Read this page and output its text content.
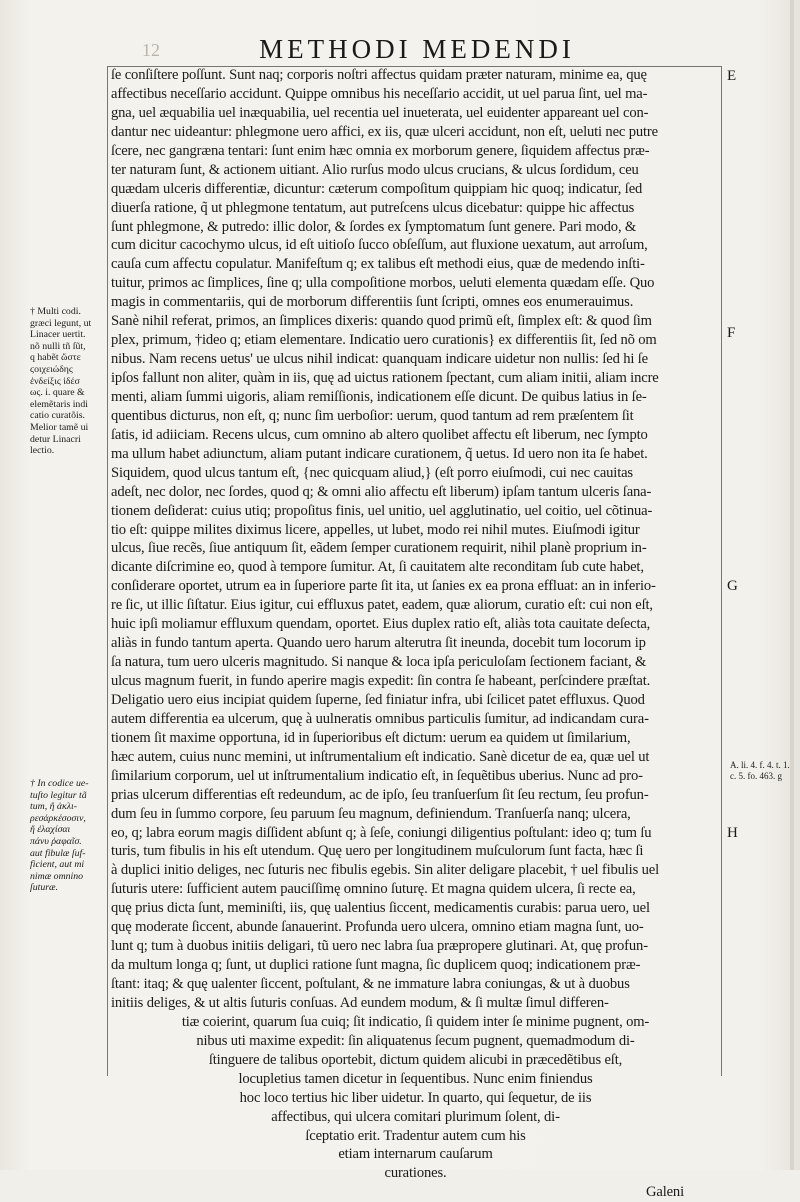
12	METHODI MEDENDI
ſe conſiſtere poſſunt. Sunt naq; corporis noſtri affectus quidam præter naturam, minime ea, quę
affectibus neceſſario accidunt. Quippe omnibus his neceſſario accidit, ut uel parua ſint, uel ma-
gna, uel æquabilia uel inæquabilia, uel recentia uel inueterata, uel euidenter appareant uel con-
dantur nec uideantur: phlegmone uero affici, ex iis, quæ ulceri accidunt, non eſt, ueluti nec putre
ſcere, nec gangræna tentari: ſunt enim hæc omnia ex morborum genere, ſiquidem affectus præ-
ter naturam ſunt, & actionem uitiant. Alio rurſus modo ulcus crucians, & ulcus ſordidum, ceu
quædam ulceris differentiæ, dicuntur: cæterum compoſitum quippiam hic quoq; indicatur, ſed
diuerſa ratione, q̃ ut phlegmone tentatum, aut putreſcens ulcus dicebatur: quippe hic affectus
ſunt phlegmone, & putredo: illic dolor, & ſordes ex ſymptomatum ſunt genere. Pari modo, &
cum dicitur cacochymo ulcus, id eſt uitioſo ſucco obſeſſum, aut fluxione uexatum, aut arroſum,
cauſa cum affectu copulatur. Manifeſtum q; ex talibus eſt methodi eius, quæ de medendo inſti-
tuitur, primos ac ſimplices, ſine q; ulla compoſitione morbos, ueluti elementa quædam eſſe. Quo
magis in commentariis, qui de morborum differentiis ſunt ſcripti, omnes eos enumerauimus.
Sanè nihil referat, primos, an ſimplices dixeris: quando quod primũ eſt, ſimplex eſt: & quod ſim
plex, primum, †ideo q; etiam elementare. Indicatio uero curationis} ex differentiis ſit, ſed nõ om
nibus. Nam recens uetus' ue ulcus nihil indicat: quanquam indicare uidetur non nullis: ſed hi ſe
ipſos fallunt non aliter, quàm in iis, quę ad uictus rationem ſpectant, cum aliam initii, aliam incre
menti, aliam ſummi uigoris, aliam remiſſionis, indicationem eſſe dicunt. De quibus latius in ſe-
quentibus dicturus, non eſt, q; nunc ſim uerboſior: uerum, quod tantum ad rem præſentem ſit
ſatis, id adiiciam. Recens ulcus, cum omnino ab altero quolibet affectu eſt liberum, nec ſympto
ma ullum habet adiunctum, aliam putant indicare curationem, q̃ uetus. Id uero non ita ſe habet.
Siquidem, quod ulcus tantum eſt, {nec quicquam aliud,} (eſt porro eiuſmodi, cui nec cauitas
adeſt, nec dolor, nec ſordes, quod q; & omni alio affectu eſt liberum) ipſam tantum ulceris ſana-
tionem deſiderat: cuius utiq; propoſitus finis, uel unitio, uel agglutinatio, uel coitio, uel cõtinua-
tio eſt: quippe milites diximus licere, appelles, ut lubet, modo rei nihil mutes. Eiuſmodi igitur
ulcus, ſiue recẽs, ſiue antiquum ſit, eãdem ſemper curationem requirit, nihil planè proprium in-
dicante diſcrimine eo, quod à tempore ſumitur. At, ſi cauitatem alte reconditam ſub cute habet,
conſiderare oportet, utrum ea in ſuperiore parte ſit ita, ut ſanies ex ea prona effluat: an in inferio-
re ſic, ut illic ſiſtatur. Eius igitur, cui effluxus patet, eadem, quæ aliorum, curatio eſt: cui non eſt,
huic ipſi moliamur effluxum quendam, oportet. Eius duplex ratio eſt, aliàs tota cauitate deſecta,
aliàs in fundo tantum aperta. Quando uero harum alterutra ſit ineunda, docebit tum locorum ip
ſa natura, tum uero ulceris magnitudo. Si nanque & loca ipſa periculoſam ſectionem faciant, &
ulcus magnum fuerit, in fundo aperire magis expedit: ſin contra ſe habeant, perſcindere præſtat.
Deligatio uero eius incipiat quidem ſuperne, ſed finiatur infra, ubi ſcilicet patet effluxus. Quod
autem differentia ea ulcerum, quę à uulneratis omnibus particulis ſumitur, ad indicandam cura-
tionem ſit maxime opportuna, id in ſuperioribus eſt dictum: uerum ea quidem ut ſimilarium,
hæc autem, cuius nunc memini, ut inſtrumentalium eſt indicatio. Sanè dicetur de ea, quæ uel ut
ſimilarium corporum, uel ut inſtrumentalium indicatio eſt, in ſequẽtibus uberius. Nunc ad pro-
prias ulcerum differentias eſt redeundum, ac de ipſo, ſeu tranſuerſum ſit ſeu rectum, ſeu profun-
dum ſeu in ſummo corpore, ſeu paruum ſeu magnum, definiendum. Tranſuerſa nanq; ulcera,
eo, q; labra eorum magis diſſident abſunt q; à ſeſe, coniungi diligentius poſtulant: ideo q; tum ſu
turis, tum fibulis in his eſt utendum. Quę uero per longitudinem muſculorum ſunt facta, hæc ſi
à duplici initio deliges, nec ſuturis nec fibulis egebis. Sin aliter deligare placebit, † uel fibulis uel
ſuturis utere: ſufficient autem pauciſſimę omnino ſuturę. Et magna quidem ulcera, ſi recte ea,
quę prius dicta ſunt, meminiſti, iis, quę ualentius ſiccent, medicamentis curabis: parua uero, uel
quę moderate ſiccent, abunde ſanauerint. Profunda uero ulcera, omnino etiam magna ſunt, uo-
lunt q; tum à duobus initiis deligari, tũ uero nec labra ſua præpropere glutinari. At, quę profun-
da multum longa q; ſunt, ut duplici ratione ſunt magna, ſic duplicem quoq; indicationem præ-
ſtant: itaq; & quę ualenter ſiccent, poſtulant, & ne immature labra coniungas, & ut à duobus
initiis deliges, & ut altis ſuturis conſuas. Ad eundem modum, & ſi multæ ſimul differen-
tiæ coierint, quarum ſua cuiq; ſit indicatio, ſi quidem inter ſe minime pugnent, om-
nibus uti maxime expedit: ſin aliquatenus ſecum pugnent, quemadmodum di-
ſtinguere de talibus oportebit, dictum quidem alicubi in præcedẽtibus eſt,
locupletius tamen dicetur in ſequentibus. Nunc enim finiendus
hoc loco tertius hic liber uidetur. In quarto, qui ſequetur, de iis
affectibus, qui ulcera comitari plurimum ſolent, di-
ſceptatio erit. Tradentur autem cum his
etiam internarum cauſarum
curationes.
Galeni
E
F
G
H
† Multi codi.
græci legunt, ut
Linacer uertit.
nõ nulli tñ ſũt,
q habẽt ὥστε
ϛοιχειώδης
ἐνδείξις ἰδέσ
ως. i. quare &
elemẽtaris indi
catio curatõis.
Melior tamẽ ui
detur Linacri
lectio.
† In codice ue-
tuſto legitur tã
tum, ἤ ἀκλι-
ρεσάρκέσοσιν,
ἤ ἐλαχίσαι
πάνυ ῥαφαῖσ.
aut fibulæ ſuf-
ficient, aut mi
nimæ omnino
ſuturæ.
A. li. 4. f. 4. t. 1.
c. 5. fo. 463. g
